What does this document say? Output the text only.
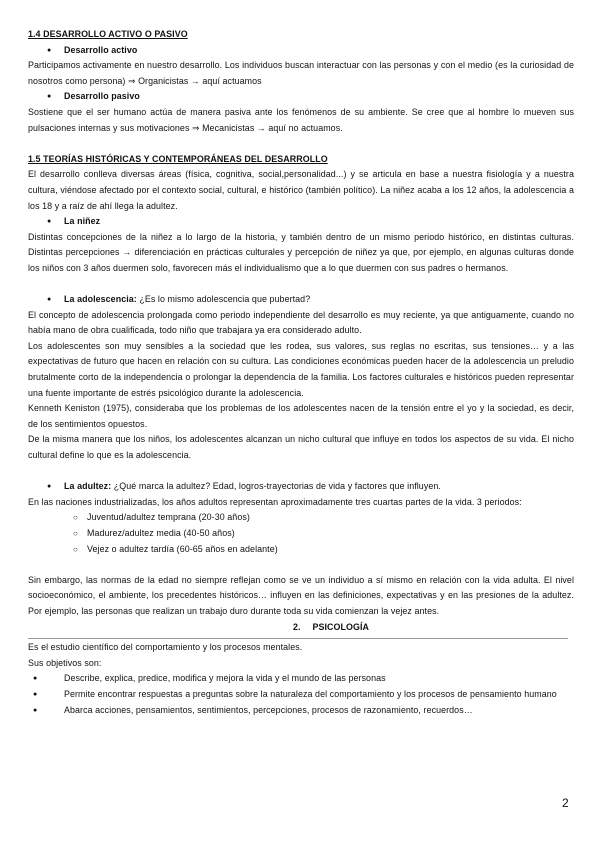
1.4 DESARROLLO ACTIVO O PASIVO
● Desarrollo activo

Participamos activamente en nuestro desarrollo. Los individuos buscan interactuar con las personas y con el medio (es la curiosidad de nosotros como persona) ⇒ Organicistas → aquí actuamos

● Desarrollo pasivo

Sostiene que el ser humano actúa de manera pasiva ante los fenómenos de su ambiente. Se cree que al hombre lo mueven sus pulsaciones internas y sus motivaciones ⇒ Mecanicistas → aquí no actuamos.

1.5 TEORÍAS HISTÓRICAS Y CONTEMPORÁNEAS DEL DESARROLLO

El desarrollo conlleva diversas áreas (física, cognitiva, social,personalidad...) y se articula en base a nuestra fisiología y a nuestra cultura, viéndose afectado por el contexto social, cultural, e histórico (también político). La niñez acaba a los 12 años, la adolescencia a los 18 y a raíz de ahí llega la adultez.

● La niñez

Distintas concepciones de la niñez a lo largo de la historia, y también dentro de un mismo periodo histórico, en distintas culturas. Distintas percepciones → diferenciación en prácticas culturales y percepción de niñez ya que, por ejemplo, en algunas culturas donde los niños con 3 años duermen solo, favorecen más el individualismo que a lo que duermen con sus padres o hermanos.

● La adolescencia: ¿Es lo mismo adolescencia que pubertad?

El concepto de adolescencia prolongada como periodo independiente del desarrollo es muy reciente, ya que antiguamente, cuando no había mano de obra cualificada, todo niño que trabajara ya era considerado adulto.

Los adolescentes son muy sensibles a la sociedad que les rodea, sus valores, sus reglas no escritas, sus tensiones… y a las expectativas de futuro que hacen en relación con su cultura. Las condiciones económicas pueden hacer de la adolescencia un preludio brutalmente corto de la independencia o prolongar la dependencia de la familia. Los factores culturales e históricos pueden representar una fuente importante de estrés psicológico durante la adolescencia.

Kenneth Keniston (1975), consideraba que los problemas de los adolescentes nacen de la tensión entre el yo y la sociedad, es decir, de los sentimientos opuestos.

De la misma manera que los niños, los adolescentes alcanzan un nicho cultural que influye en todos los aspectos de su vida. El nicho cultural define lo que es la adolescencia.

● La adultez: ¿Qué marca la adultez? Edad, logros-trayectorias de vida y factores que influyen.

En las naciones industrializadas, los años adultos representan aproximadamente tres cuartas partes de la vida. 3 periodos:

○ Juventud/adultez temprana (20-30 años)
○ Madurez/adultez media (40-50 años)
○ Vejez o adultez tardía (60-65 años en adelante)

Sin embargo, las normas de la edad no siempre reflejan como se ve un individuo a sí mismo en relación con la vida adulta. El nivel socioeconómico, el ambiente, los precedentes históricos… influyen en las definiciones, expectativas y en las presiones de la adultez. Por ejemplo, las personas que realizan un trabajo duro durante toda su vida comienzan la vejez antes.

2. PSICOLOGÍA

Es el estudio científico del comportamiento y los procesos mentales.

Sus objetivos son:

● Describe, explica, predice, modifica y mejora la vida y el mundo de las personas
● Permite encontrar respuestas a preguntas sobre la naturaleza del comportamiento y los procesos de pensamiento humano
● Abarca acciones, pensamientos, sentimientos, percepciones, procesos de razonamiento, recuerdos…
2
